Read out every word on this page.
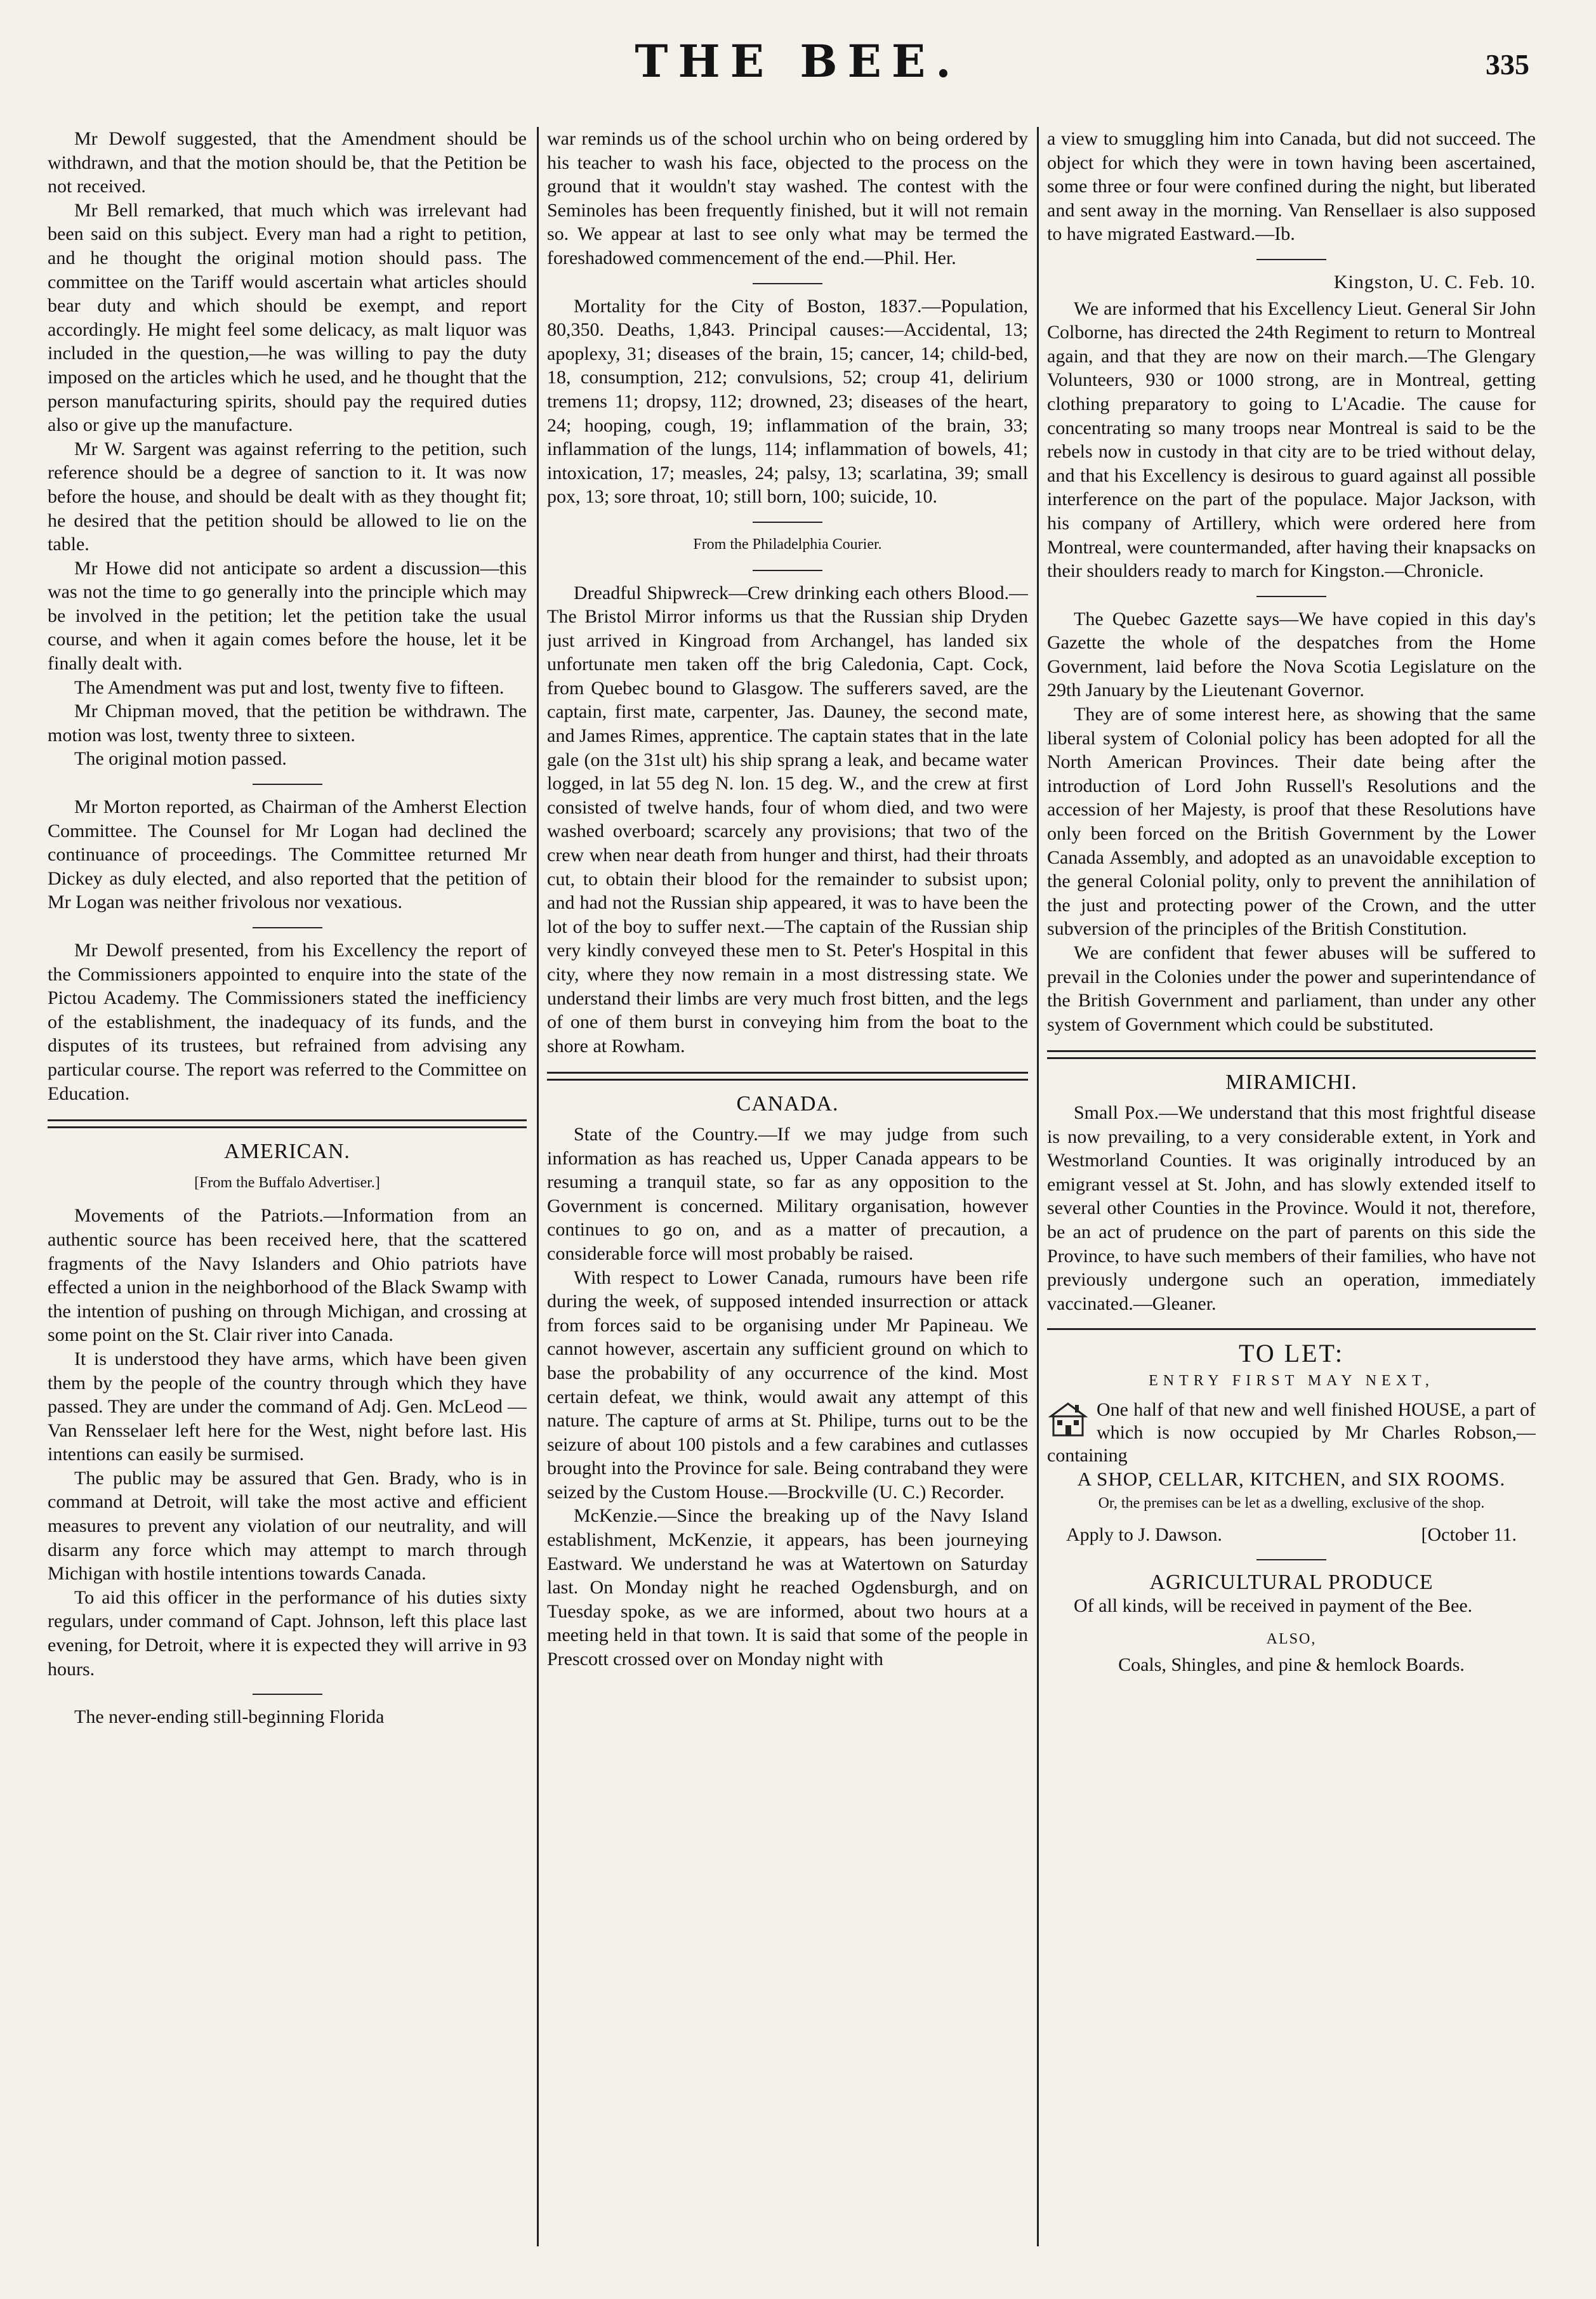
THE BEE.	335

Mr Dewolf suggested, that the Amendment should be withdrawn, and that the motion should be, that the Petition be not received.

Mr Bell remarked, that much which was irrelevant had been said on this subject. Every man had a right to petition, and he thought the original motion should pass. The committee on the Tariff would ascertain what articles should bear duty and which should be exempt, and report accordingly. He might feel some delicacy, as malt liquor was included in the question,—he was willing to pay the duty imposed on the articles which he used, and he thought that the person manufacturing spirits, should pay the required duties also or give up the manufacture.

Mr W. Sargent was against referring to the petition, such reference should be a degree of sanction to it. It was now before the house, and should be dealt with as they thought fit; he desired that the petition should be allowed to lie on the table.

Mr Howe did not anticipate so ardent a discussion—this was not the time to go generally into the principle which may be involved in the petition; let the petition take the usual course, and when it again comes before the house, let it be finally dealt with.

The Amendment was put and lost, twenty five to fifteen.

Mr Chipman moved, that the petition be withdrawn. The motion was lost, twenty three to sixteen.

The original motion passed.

Mr Morton reported, as Chairman of the Amherst Election Committee. The Counsel for Mr Logan had declined the continuance of proceedings. The Committee returned Mr Dickey as duly elected, and also reported that the petition of Mr Logan was neither frivolous nor vexatious.

Mr Dewolf presented, from his Excellency the report of the Commissioners appointed to enquire into the state of the Pictou Academy. The Commissioners stated the inefficiency of the establishment, the inadequacy of its funds, and the disputes of its trustees, but refrained from advising any particular course. The report was referred to the Committee on Education.

AMERICAN.
[From the Buffalo Advertiser.]

Movements of the Patriots.—Information from an authentic source has been received here, that the scattered fragments of the Navy Islanders and Ohio patriots have effected a union in the neighborhood of the Black Swamp with the intention of pushing on through Michigan, and crossing at some point on the St. Clair river into Canada.

It is understood they have arms, which have been given them by the people of the country through which they have passed. They are under the command of Adj. Gen. McLeod — Van Rensselaer left here for the West, night before last. His intentions can easily be surmised.

The public may be assured that Gen. Brady, who is in command at Detroit, will take the most active and efficient measures to prevent any violation of our neutrality, and will disarm any force which may attempt to march through Michigan with hostile intentions towards Canada.

To aid this officer in the performance of his duties sixty regulars, under command of Capt. Johnson, left this place last evening, for Detroit, where it is expected they will arrive in 93 hours.

The never-ending still-beginning Florida

war reminds us of the school urchin who on being ordered by his teacher to wash his face, objected to the process on the ground that it wouldn't stay washed. The contest with the Seminoles has been frequently finished, but it will not remain so. We appear at last to see only what may be termed the foreshadowed commencement of the end.—Phil. Her.

Mortality for the City of Boston, 1837.—Population, 80,350. Deaths, 1,843. Principal causes:—Accidental, 13; apoplexy, 31; diseases of the brain, 15; cancer, 14; child-bed, 18, consumption, 212; convulsions, 52; croup 41, delirium tremens 11; dropsy, 112; drowned, 23; diseases of the heart, 24; hooping, cough, 19; inflammation of the brain, 33; inflammation of the lungs, 114; inflammation of bowels, 41; intoxication, 17; measles, 24; palsy, 13; scarlatina, 39; small pox, 13; sore throat, 10; still born, 100; suicide, 10.

From the Philadelphia Courier.

Dreadful Shipwreck—Crew drinking each others Blood.—The Bristol Mirror informs us that the Russian ship Dryden just arrived in Kingroad from Archangel, has landed six unfortunate men taken off the brig Caledonia, Capt. Cock, from Quebec bound to Glasgow. The sufferers saved, are the captain, first mate, carpenter, Jas. Dauney, the second mate, and James Rimes, apprentice. The captain states that in the late gale (on the 31st ult) his ship sprang a leak, and became water logged, in lat 55 deg N. lon. 15 deg. W., and the crew at first consisted of twelve hands, four of whom died, and two were washed overboard; scarcely any provisions; that two of the crew when near death from hunger and thirst, had their throats cut, to obtain their blood for the remainder to subsist upon; and had not the Russian ship appeared, it was to have been the lot of the boy to suffer next.—The captain of the Russian ship very kindly conveyed these men to St. Peter's Hospital in this city, where they now remain in a most distressing state. We understand their limbs are very much frost bitten, and the legs of one of them burst in conveying him from the boat to the shore at Rowham.

CANADA.

State of the Country.—If we may judge from such information as has reached us, Upper Canada appears to be resuming a tranquil state, so far as any opposition to the Government is concerned. Military organisation, however continues to go on, and as a matter of precaution, a considerable force will most probably be raised.

With respect to Lower Canada, rumours have been rife during the week, of supposed intended insurrection or attack from forces said to be organising under Mr Papineau. We cannot however, ascertain any sufficient ground on which to base the probability of any occurrence of the kind. Most certain defeat, we think, would await any attempt of this nature. The capture of arms at St. Philipe, turns out to be the seizure of about 100 pistols and a few carabines and cutlasses brought into the Province for sale. Being contraband they were seized by the Custom House.—Brockville (U. C.) Recorder.

McKenzie.—Since the breaking up of the Navy Island establishment, McKenzie, it appears, has been journeying Eastward. We understand he was at Watertown on Saturday last. On Monday night he reached Ogdensburgh, and on Tuesday spoke, as we are informed, about two hours at a meeting held in that town. It is said that some of the people in Prescott crossed over on Monday night with

a view to smuggling him into Canada, but did not succeed. The object for which they were in town having been ascertained, some three or four were confined during the night, but liberated and sent away in the morning. Van Rensellaer is also supposed to have migrated Eastward.—Ib.

Kingston, U. C. Feb. 10.

We are informed that his Excellency Lieut. General Sir John Colborne, has directed the 24th Regiment to return to Montreal again, and that they are now on their march.—The Glengary Volunteers, 930 or 1000 strong, are in Montreal, getting clothing preparatory to going to L'Acadie. The cause for concentrating so many troops near Montreal is said to be the rebels now in custody in that city are to be tried without delay, and that his Excellency is desirous to guard against all possible interference on the part of the populace. Major Jackson, with his company of Artillery, which were ordered here from Montreal, were countermanded, after having their knapsacks on their shoulders ready to march for Kingston.—Chronicle.

The Quebec Gazette says—We have copied in this day's Gazette the whole of the despatches from the Home Government, laid before the Nova Scotia Legislature on the 29th January by the Lieutenant Governor.

They are of some interest here, as showing that the same liberal system of Colonial policy has been adopted for all the North American Provinces. Their date being after the introduction of Lord John Russell's Resolutions and the accession of her Majesty, is proof that these Resolutions have only been forced on the British Government by the Lower Canada Assembly, and adopted as an unavoidable exception to the general Colonial polity, only to prevent the annihilation of the just and protecting power of the Crown, and the utter subversion of the principles of the British Constitution.

We are confident that fewer abuses will be suffered to prevail in the Colonies under the power and superintendance of the British Government and parliament, than under any other system of Government which could be substituted.

MIRAMICHI.

Small Pox.—We understand that this most frightful disease is now prevailing, to a very considerable extent, in York and Westmorland Counties. It was originally introduced by an emigrant vessel at St. John, and has slowly extended itself to several other Counties in the Province. Would it not, therefore, be an act of prudence on the part of parents on this side the Province, to have such members of their families, who have not previously undergone such an operation, immediately vaccinated.—Gleaner.

TO LET:
ENTRY FIRST MAY NEXT,
One half of that new and well finished HOUSE, a part of which is now occupied by Mr Charles Robson,—containing
A SHOP, CELLAR, KITCHEN, and SIX ROOMS.
Or, the premises can be let as a dwelling, exclusive of the shop.
Apply to J. Dawson.	[October 11.
AGRICULTURAL PRODUCE
Of all kinds, will be received in payment of the Bee.
ALSO,
Coals, Shingles, and pine & hemlock Boards.
